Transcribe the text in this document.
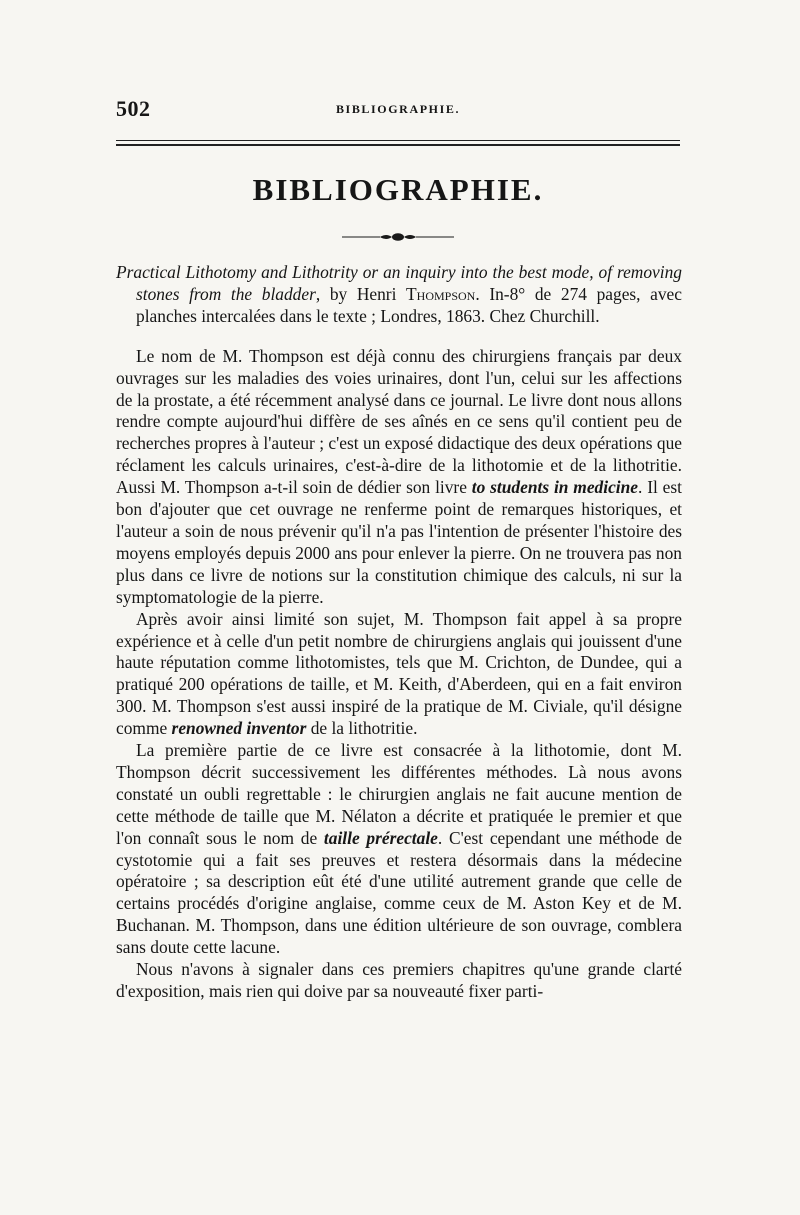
502	BIBLIOGRAPHIE.
BIBLIOGRAPHIE.

Practical Lithotomy and Lithotrity or an inquiry into the best mode, of removing stones from the bladder, by Henri Thompson. In-8° de 274 pages, avec planches intercalées dans le texte ; Londres, 1863. Chez Churchill.

Le nom de M. Thompson est déjà connu des chirurgiens français par deux ouvrages sur les maladies des voies urinaires, dont l'un, celui sur les affections de la prostate, a été récemment analysé dans ce journal. Le livre dont nous allons rendre compte aujourd'hui diffère de ses aînés en ce sens qu'il contient peu de recherches propres à l'auteur ; c'est un exposé didactique des deux opérations que réclament les calculs urinaires, c'est-à-dire de la lithotomie et de la lithotritie. Aussi M. Thompson a-t-il soin de dédier son livre to students in medicine. Il est bon d'ajouter que cet ouvrage ne renferme point de remarques historiques, et l'auteur a soin de nous prévenir qu'il n'a pas l'intention de présenter l'histoire des moyens employés depuis 2000 ans pour enlever la pierre. On ne trouvera pas non plus dans ce livre de notions sur la constitution chimique des calculs, ni sur la symptomatologie de la pierre.

Après avoir ainsi limité son sujet, M. Thompson fait appel à sa propre expérience et à celle d'un petit nombre de chirurgiens anglais qui jouissent d'une haute réputation comme lithotomistes, tels que M. Crichton, de Dundee, qui a pratiqué 200 opérations de taille, et M. Keith, d'Aberdeen, qui en a fait environ 300. M. Thompson s'est aussi inspiré de la pratique de M. Civiale, qu'il désigne comme renowned inventor de la lithotritie.

La première partie de ce livre est consacrée à la lithotomie, dont M. Thompson décrit successivement les différentes méthodes. Là nous avons constaté un oubli regrettable : le chirurgien anglais ne fait aucune mention de cette méthode de taille que M. Nélaton a décrite et pratiquée le premier et que l'on connaît sous le nom de taille prérectale. C'est cependant une méthode de cystotomie qui a fait ses preuves et restera désormais dans la médecine opératoire ; sa description eût été d'une utilité autrement grande que celle de certains procédés d'origine anglaise, comme ceux de M. Aston Key et de M. Buchanan. M. Thompson, dans une édition ultérieure de son ouvrage, comblera sans doute cette lacune.

Nous n'avons à signaler dans ces premiers chapitres qu'une grande clarté d'exposition, mais rien qui doive par sa nouveauté fixer parti-
